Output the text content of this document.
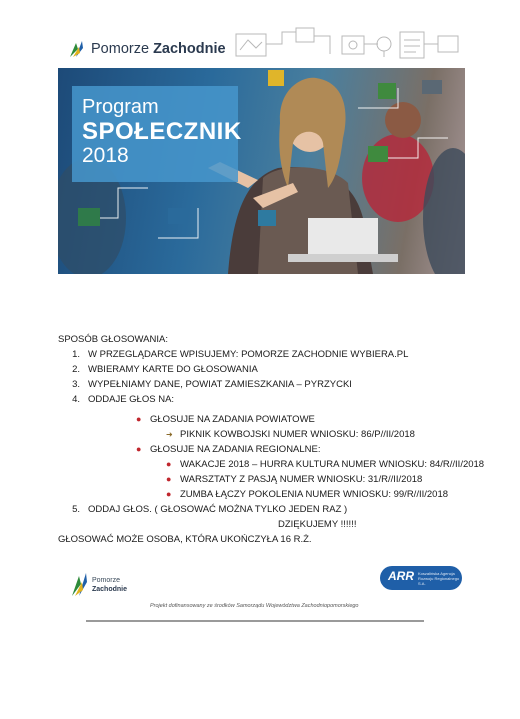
Pomorze Zachodnie
Program
SPOŁECZNIK
2018
SPOSÓB GŁOSOWANIA:
1. W PRZEGLĄDARCE WPISUJEMY: POMORZE ZACHODNIE WYBIERA.PL
2. WBIERAMY KARTE DO GŁOSOWANIA
3. WYPEŁNIAMY DANE, POWIAT ZAMIESZKANIA – PYRZYCKI
4. ODDAJE GŁOS NA:
● GŁOSUJE NA ZADANIA POWIATOWE
➜ PIKNIK KOWBOJSKI NUMER WNIOSKU: 86/P//II/2018
● GŁOSUJE NA ZADANIA REGIONALNE:
● WAKACJE 2018 – HURRA KULTURA NUMER WNIOSKU: 84/R//II/2018
● WARSZTATY Z PASJĄ NUMER WNIOSKU: 31/R//II/2018
● ZUMBA ŁĄCZY POKOLENIA NUMER WNIOSKU: 99/R//II/2018
5. ODDAJ GŁOS. ( GŁOSOWAĆ MOŻNA TYLKO JEDEN RAZ )
DZIĘKUJEMY !!!!!!
GŁOSOWAĆ MOŻE OSOBA, KTÓRA UKOŃCZYŁA 16 R.Ż.
Pomorze
Zachodnie
ARR Koszalińska Agencja Rozwoju Regionalnego S.A.
Projekt dofinansowany ze środków Samorządu Województwa Zachodniopomorskiego
